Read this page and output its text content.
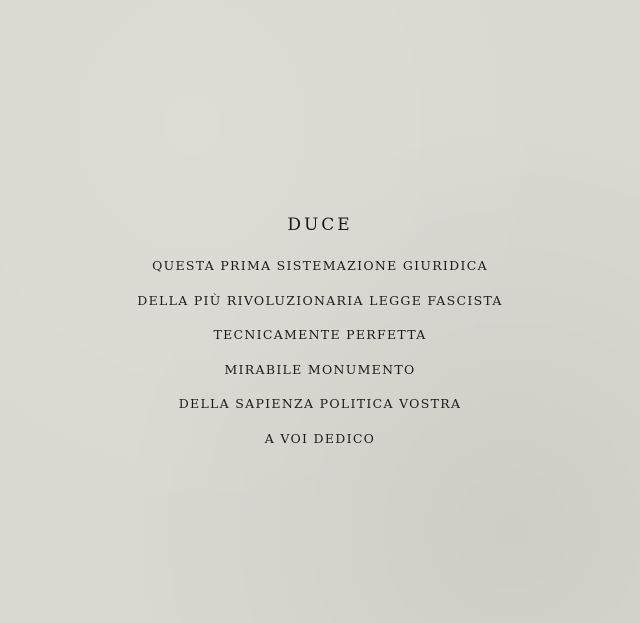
DUCE
QUESTA PRIMA SISTEMAZIONE GIURIDICA
DELLA PIÙ RIVOLUZIONARIA LEGGE FASCISTA
TECNICAMENTE PERFETTA
MIRABILE MONUMENTO
DELLA SAPIENZA POLITICA VOSTRA
A VOI DEDICO
